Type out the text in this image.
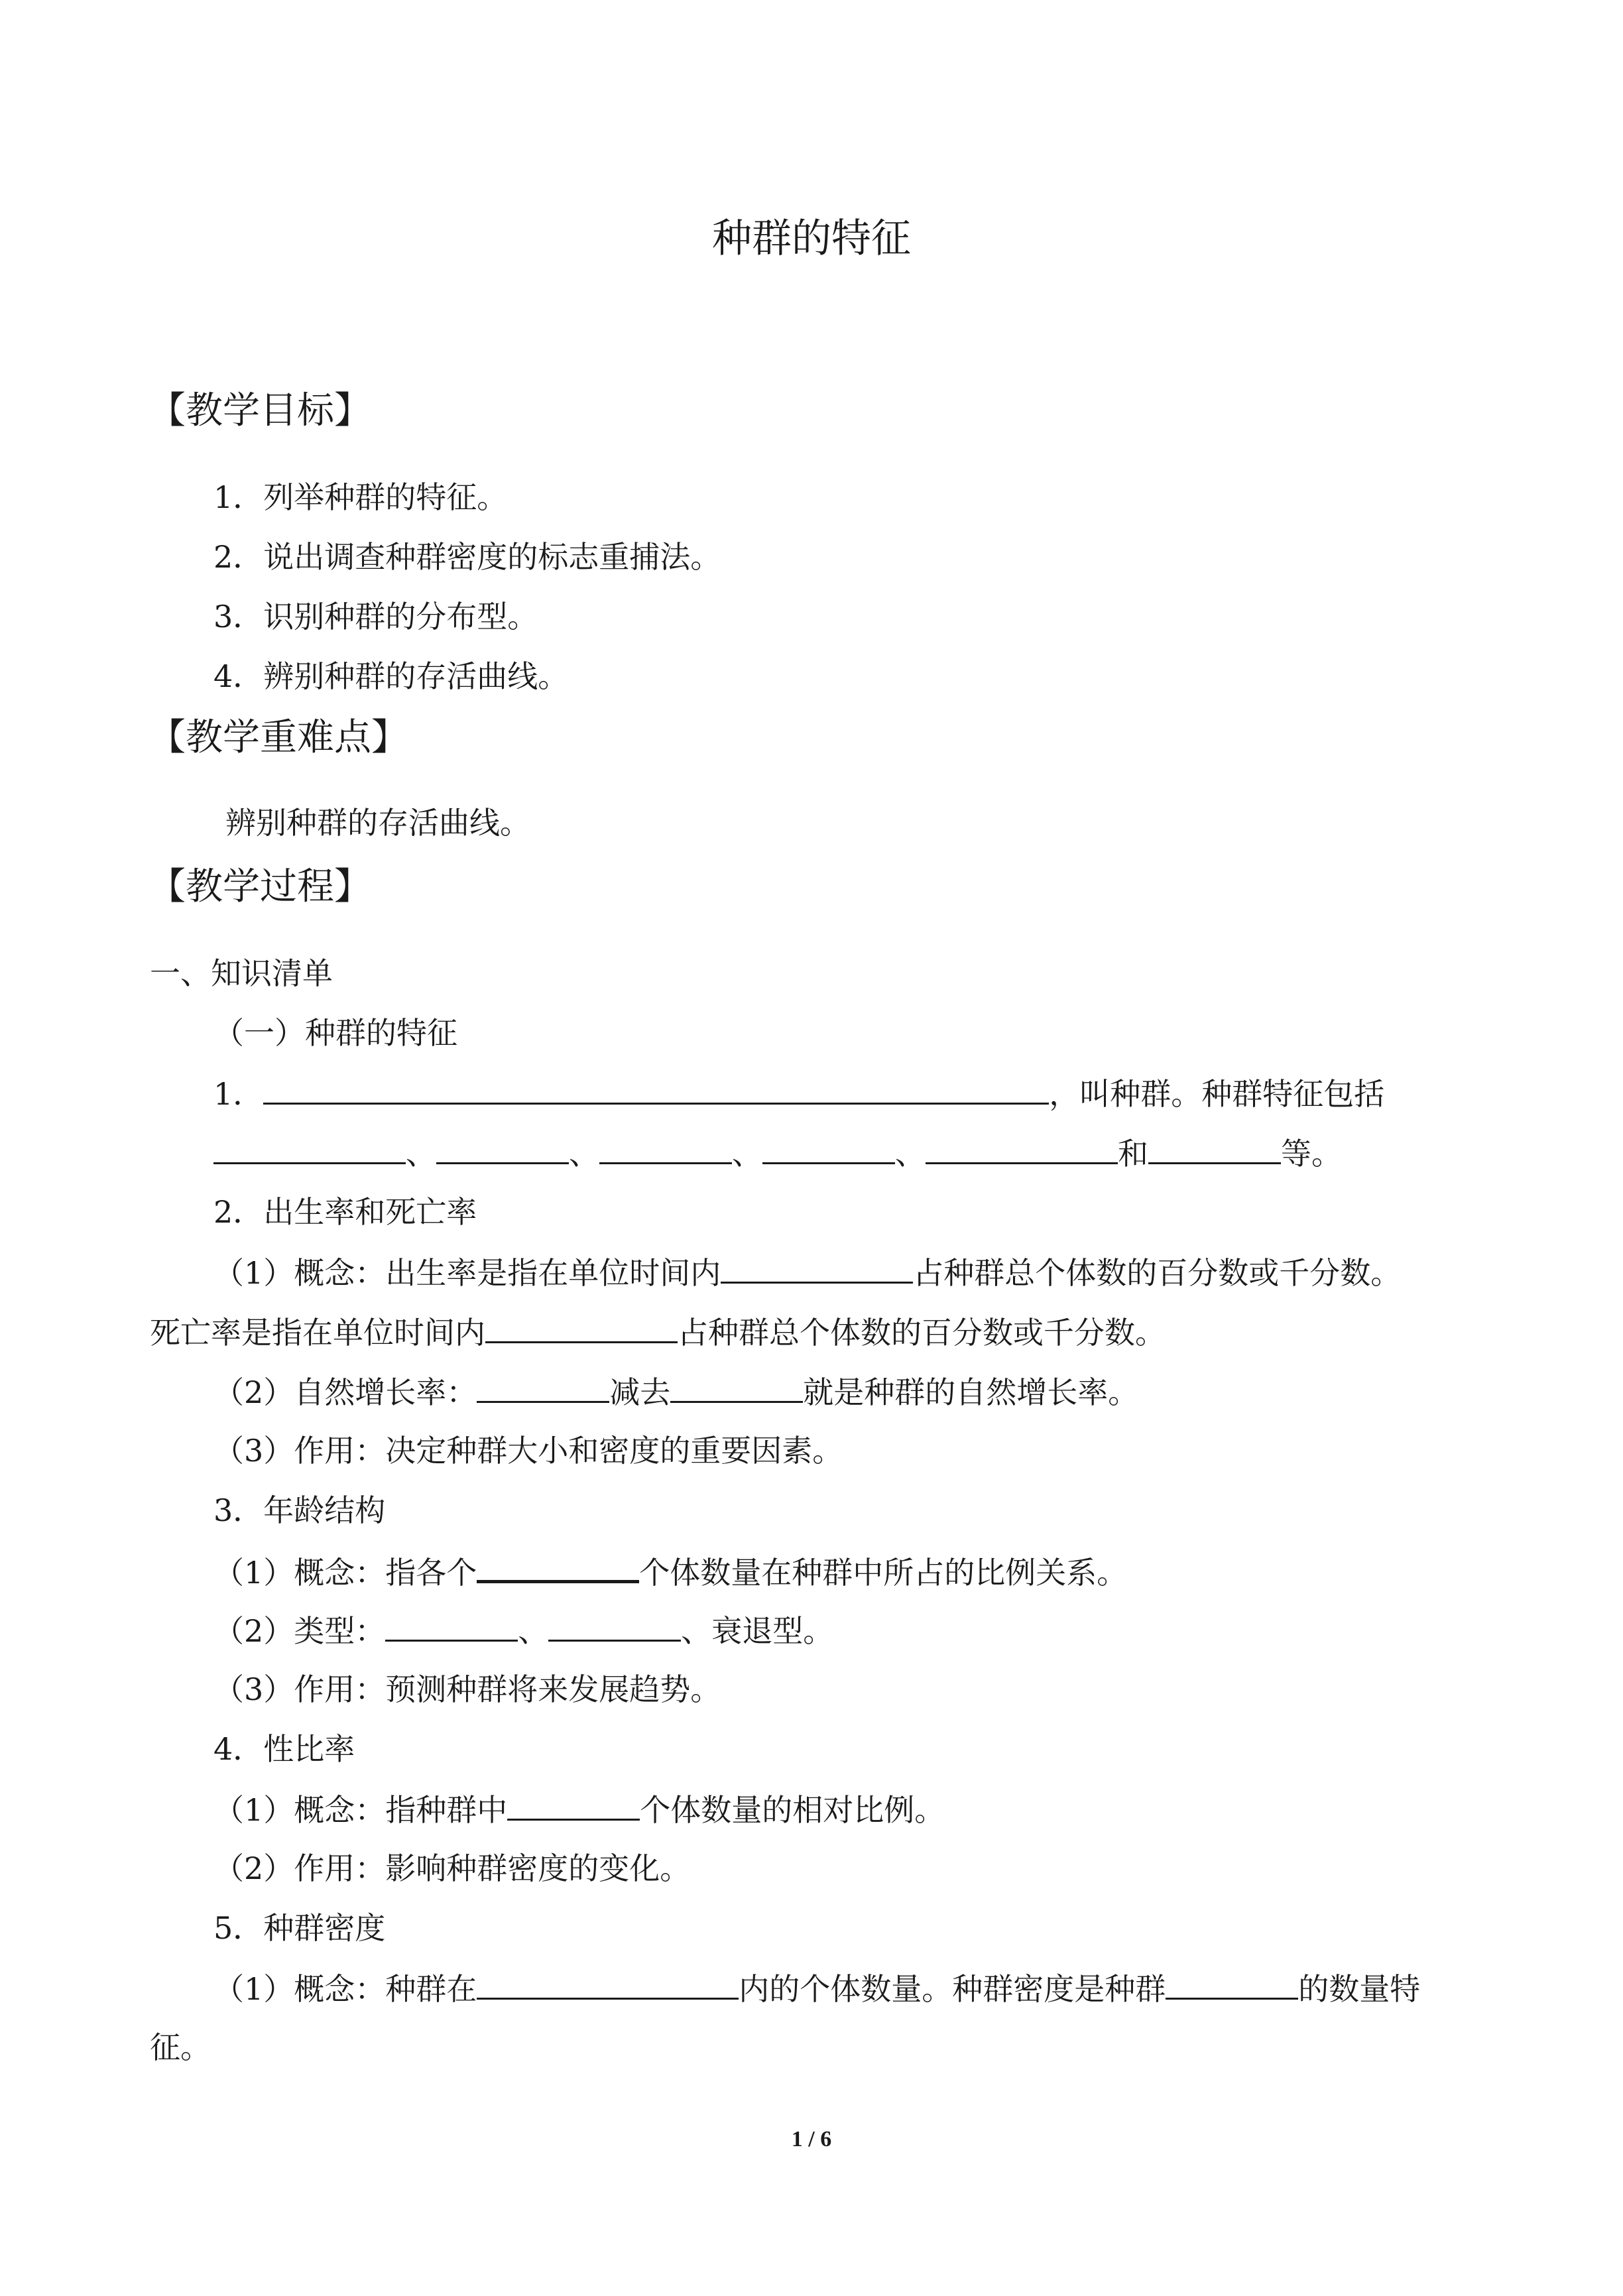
种群的特征
【教学目标】
1．列举种群的特征。
2．说出调查种群密度的标志重捕法。
3．识别种群的分布型。
4．辨别种群的存活曲线。
【教学重难点】
辨别种群的存活曲线。
【教学过程】
一、知识清单
（一）种群的特征
1．	，叫种群。种群特征包括
、	、	、	、	和	等。
2．出生率和死亡率
（1）概念：出生率是指在单位时间内	占种群总个体数的百分数或千分数。
死亡率是指在单位时间内	占种群总个体数的百分数或千分数。
（2）自然增长率：	减去	就是种群的自然增长率。
（3）作用：决定种群大小和密度的重要因素。
3．年龄结构
（1）概念：指各个	个体数量在种群中所占的比例关系。
（2）类型：	、	、衰退型。
（3）作用：预测种群将来发展趋势。
4．性比率
（1）概念：指种群中	个体数量的相对比例。
（2）作用：影响种群密度的变化。
5．种群密度
（1）概念：种群在	内的个体数量。种群密度是种群	的数量特
征。
1 / 6
